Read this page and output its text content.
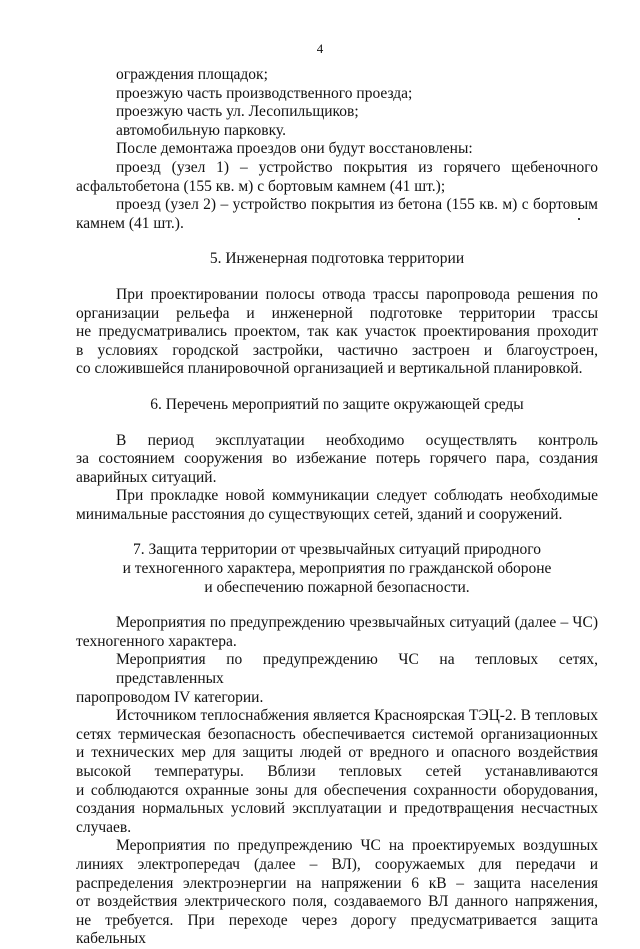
4
ограждения площадок;
проезжую часть производственного проезда;
проезжую часть ул. Лесопильщиков;
автомобильную парковку.
После демонтажа проездов они будут восстановлены:
проезд (узел 1) – устройство покрытия из горячего щебеночного
асфальтобетона (155 кв. м) с бортовым камнем (41 шт.);
проезд (узел 2) – устройство покрытия из бетона (155 кв. м) с бортовым
камнем (41 шт.).
5. Инженерная подготовка территории
При проектировании полосы отвода трассы паропровода решения по
организации рельефа и инженерной подготовке территории трассы
не предусматривались проектом, так как участок проектирования проходит
в условиях городской застройки, частично застроен и благоустроен,
со сложившейся планировочной организацией и вертикальной планировкой.
6. Перечень мероприятий по защите окружающей среды
В период эксплуатации необходимо осуществлять контроль
за состоянием сооружения во избежание потерь горячего пара, создания
аварийных ситуаций.
При прокладке новой коммуникации следует соблюдать необходимые
минимальные расстояния до существующих сетей, зданий и сооружений.
7. Защита территории от чрезвычайных ситуаций природного
и техногенного характера, мероприятия по гражданской обороне
и обеспечению пожарной безопасности.
Мероприятия по предупреждению чрезвычайных ситуаций (далее – ЧС)
техногенного характера.
Мероприятия по предупреждению ЧС на тепловых сетях, представленных
паропроводом IV категории.
Источником теплоснабжения является Красноярская ТЭЦ-2. В тепловых
сетях термическая безопасность обеспечивается системой организационных
и технических мер для защиты людей от вредного и опасного воздействия
высокой температуры. Вблизи тепловых сетей устанавливаются
и соблюдаются охранные зоны для обеспечения сохранности оборудования,
создания нормальных условий эксплуатации и предотвращения несчастных
случаев.
Мероприятия по предупреждению ЧС на проектируемых воздушных
линиях электропередач (далее – ВЛ), сооружаемых для передачи и
распределения электроэнергии на напряжении 6 кВ – защита населения
от воздействия электрического поля, создаваемого ВЛ данного напряжения,
не требуется. При переходе через дорогу предусматривается защита кабельных
